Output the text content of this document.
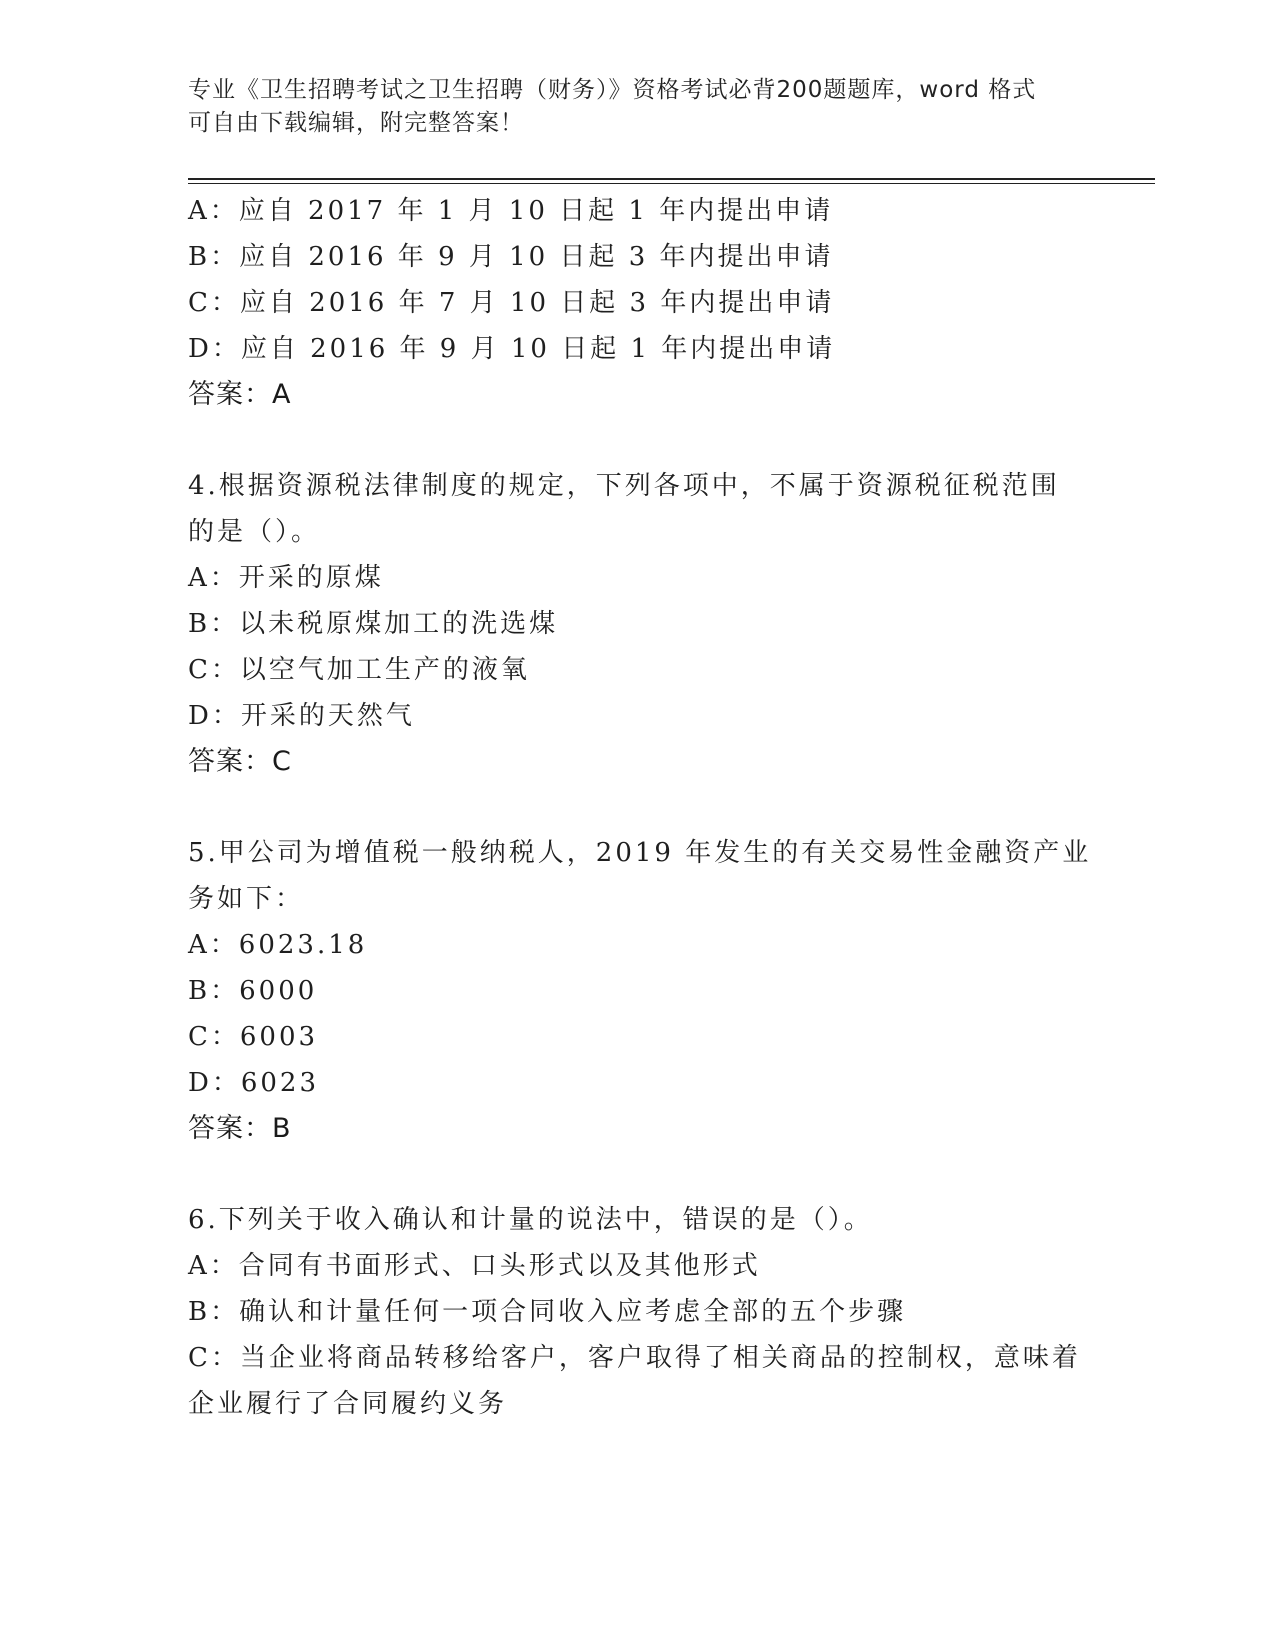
专业《卫生招聘考试之卫生招聘（财务）》资格考试必背200题题库，word 格式
可自由下载编辑，附完整答案！
A：应自 2017 年 1 月 10 日起 1 年内提出申请
B：应自 2016 年 9 月 10 日起 3 年内提出申请
C：应自 2016 年 7 月 10 日起 3 年内提出申请
D：应自 2016 年 9 月 10 日起 1 年内提出申请
答案：A
4.根据资源税法律制度的规定，下列各项中，不属于资源税征税范围
的是（）。
A：开采的原煤
B：以未税原煤加工的洗选煤
C：以空气加工生产的液氧
D：开采的天然气
答案：C
5.甲公司为增值税一般纳税人，2019 年发生的有关交易性金融资产业
务如下：
A：6023.18
B：6000
C：6003
D：6023
答案：B
6.下列关于收入确认和计量的说法中，错误的是（）。
A：合同有书面形式、口头形式以及其他形式
B：确认和计量任何一项合同收入应考虑全部的五个步骤
C：当企业将商品转移给客户，客户取得了相关商品的控制权，意味着
企业履行了合同履约义务
